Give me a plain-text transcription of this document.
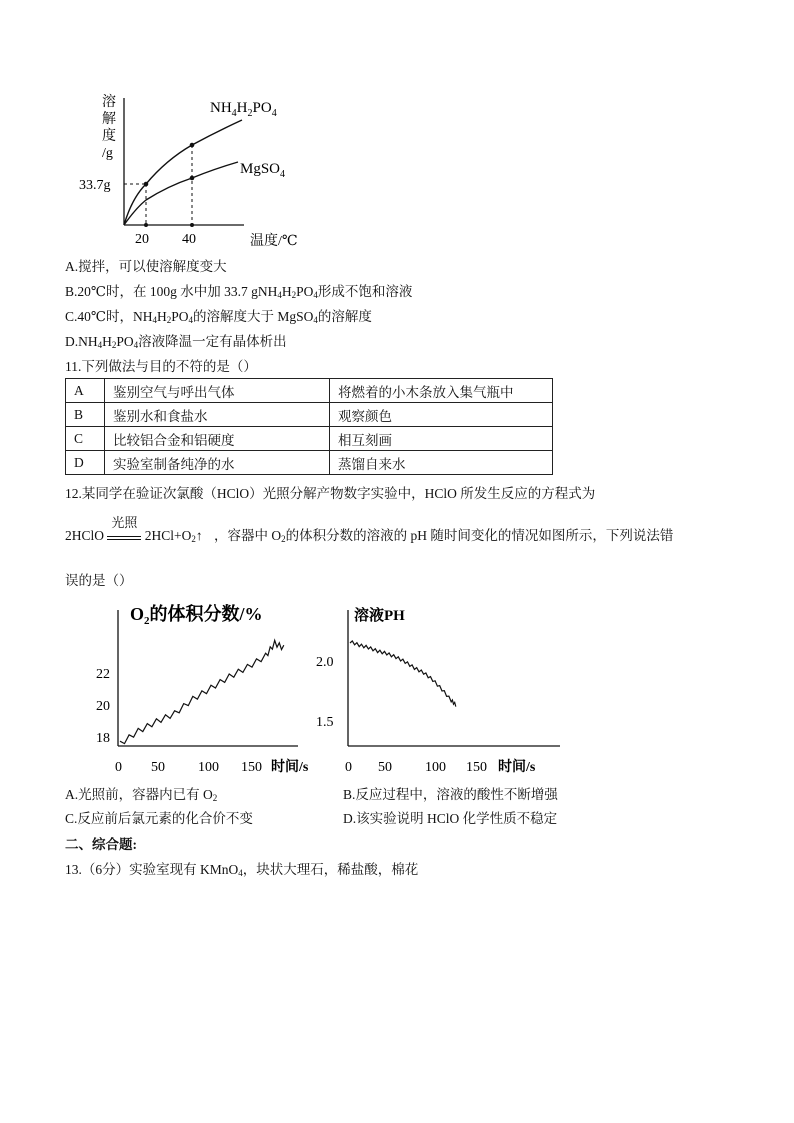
溶
解
度
/g
33.7g
20 40	温度/℃
$NH_4H_2PO_4$
MgSO$_4$
A.搅拌，可以使溶解度变大
B.20℃时，在 100g 水中加 33.7 $gNH_4H_2PO_4$形成不饱和溶液
C.40℃时，$NH_4H_2PO_4$的溶解度大于 MgSO$_4$的溶解度
$D.NH_4H_2PO_4$溶液降温一定有晶体析出
11.下列做法与目的不符的是（）
A	鉴别空气与呼出气体	将燃着的小木条放入集气瓶中
B	鉴别水和食盐水	观察颜色
C	比较铝合金和铝硬度	相互刻画
D	实验室制备纯净的水	蒸馏自来水
12.某同学在验证次氯酸（HClO）光照分解产物数字实验中，HClO 所发生反应的方程式为
2HClO
光照
$2HCl+O_2↑$ ，容器中 $O_2$的体积分数的溶液的 pH 随时间变化的情况如图所示，下列说法错
误的是（）
$O_2$的体积分数/%
22
20
18
0 50 100 150 时间/s
溶液PH
2.0
1.5
0 50 100 150 时间/s
A.光照前，容器内已有 $O_2$	B.反应过程中，溶液的酸性不断增强
C.反应前后氯元素的化合价不变	D.该实验说明 HClO 化学性质不稳定
二、综合题:
13.（6分）实验室现有 KMnO$_4$，块状大理石，稀盐酸，棉花
